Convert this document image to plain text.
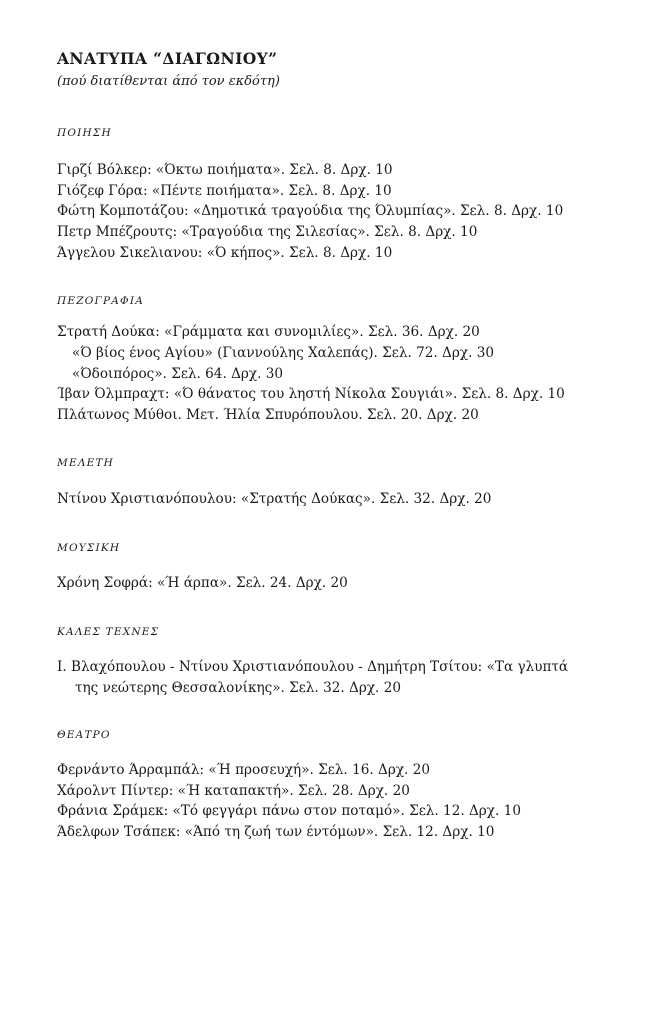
ΑΝΑΤΥΠΑ “ΔΙΑΓΩΝΙΟΥ”
(πού διατίθενται άπό τον εκδότη)
ΠΟΙΗΣΗ
Γιρζί Βόλκερ: «Όκτω ποιήματα». Σελ. 8. Δρχ. 10
Γιόζεφ Γόρα: «Πέντε ποιήματα». Σελ. 8. Δρχ. 10
Φώτη Κομποτάζου: «Δημοτικά τραγούδια της Όλυμπίας». Σελ. 8. Δρχ. 10
Πετρ Μπέζρουτς: «Τραγούδια της Σιλεσίας». Σελ. 8. Δρχ. 10
Άγγελου Σικελιανου: «Ό κήπος». Σελ. 8. Δρχ. 10
ΠΕΖΟΓΡΑΦΙΑ
Στρατή Δούκα: «Γράμματα και συνομιλίες». Σελ. 36. Δρχ. 20
«Ό βίος ένος Αγίου» (Γιαννούλης Χαλεπάς). Σελ. 72. Δρχ. 30
«Όδοιπόρος». Σελ. 64. Δρχ. 30
Ίβαν Όλμπραχτ: «Ό θάνατος του ληστή Νίκολα Σουγιάι». Σελ. 8. Δρχ. 10
Πλάτωνος Μύθοι. Μετ. Ήλία Σπυρόπουλου. Σελ. 20. Δρχ. 20
ΜΕΛΕΤΗ
Ντίνου Χριστιανόπουλου: «Στρατής Δούκας». Σελ. 32. Δρχ. 20
ΜΟΥΣΙΚΗ
Χρόνη Σοφρά: «Ή άρπα». Σελ. 24. Δρχ. 20
ΚΑΛΕΣ ΤΕΧΝΕΣ
Ι. Βλαχόπουλου - Ντίνου Χριστιανόπουλου - Δημήτρη Τσίτου: «Τα γλυπτά
της νεώτερης Θεσσαλονίκης». Σελ. 32. Δρχ. 20
ΘΕΑΤΡΟ
Φερνάντο Άρραμπάλ: «Ή προσευχή». Σελ. 16. Δρχ. 20
Χάρολντ Πίντερ: «Ή καταπακτή». Σελ. 28. Δρχ. 20
Φράνια Σράμεκ: «Τό φεγγάρι πάνω στον ποταμό». Σελ. 12. Δρχ. 10
Άδελφων Τσάπεκ: «Άπό τη ζωή των έντόμων». Σελ. 12. Δρχ. 10
